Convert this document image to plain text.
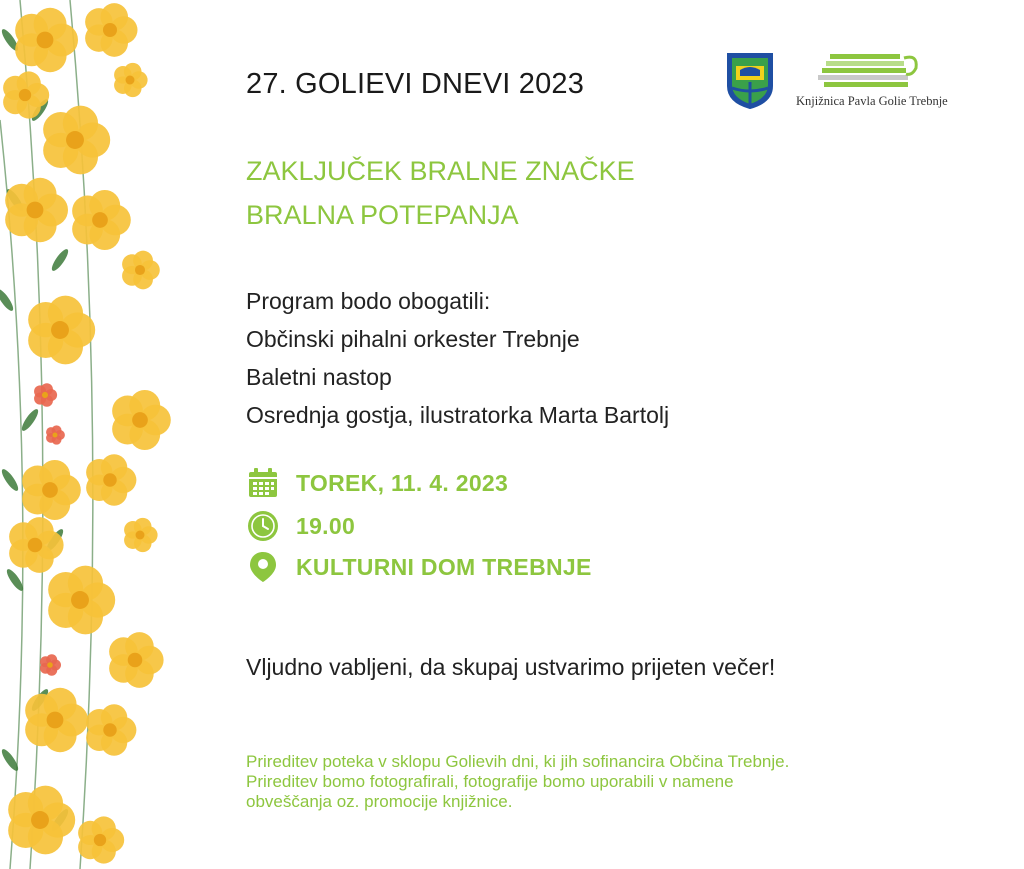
Knjižnica Pavla Golie Trebnje
27. GOLIEVI DNEVI 2023
ZAKLJUČEK BRALNE ZNAČKE
BRALNA POTEPANJA
Program bodo obogatili:
Občinski pihalni orkester Trebnje
Baletni nastop
Osrednja gostja, ilustratorka Marta Bartolj
TOREK, 11. 4. 2023
19.00
KULTURNI DOM TREBNJE
Vljudno vabljeni, da skupaj ustvarimo prijeten večer!
Prireditev poteka v sklopu Golievih dni, ki jih sofinancira Občina Trebnje.
Prireditev bomo fotografirali, fotografije bomo uporabili v namene
obveščanja oz. promocije knjižnice.
